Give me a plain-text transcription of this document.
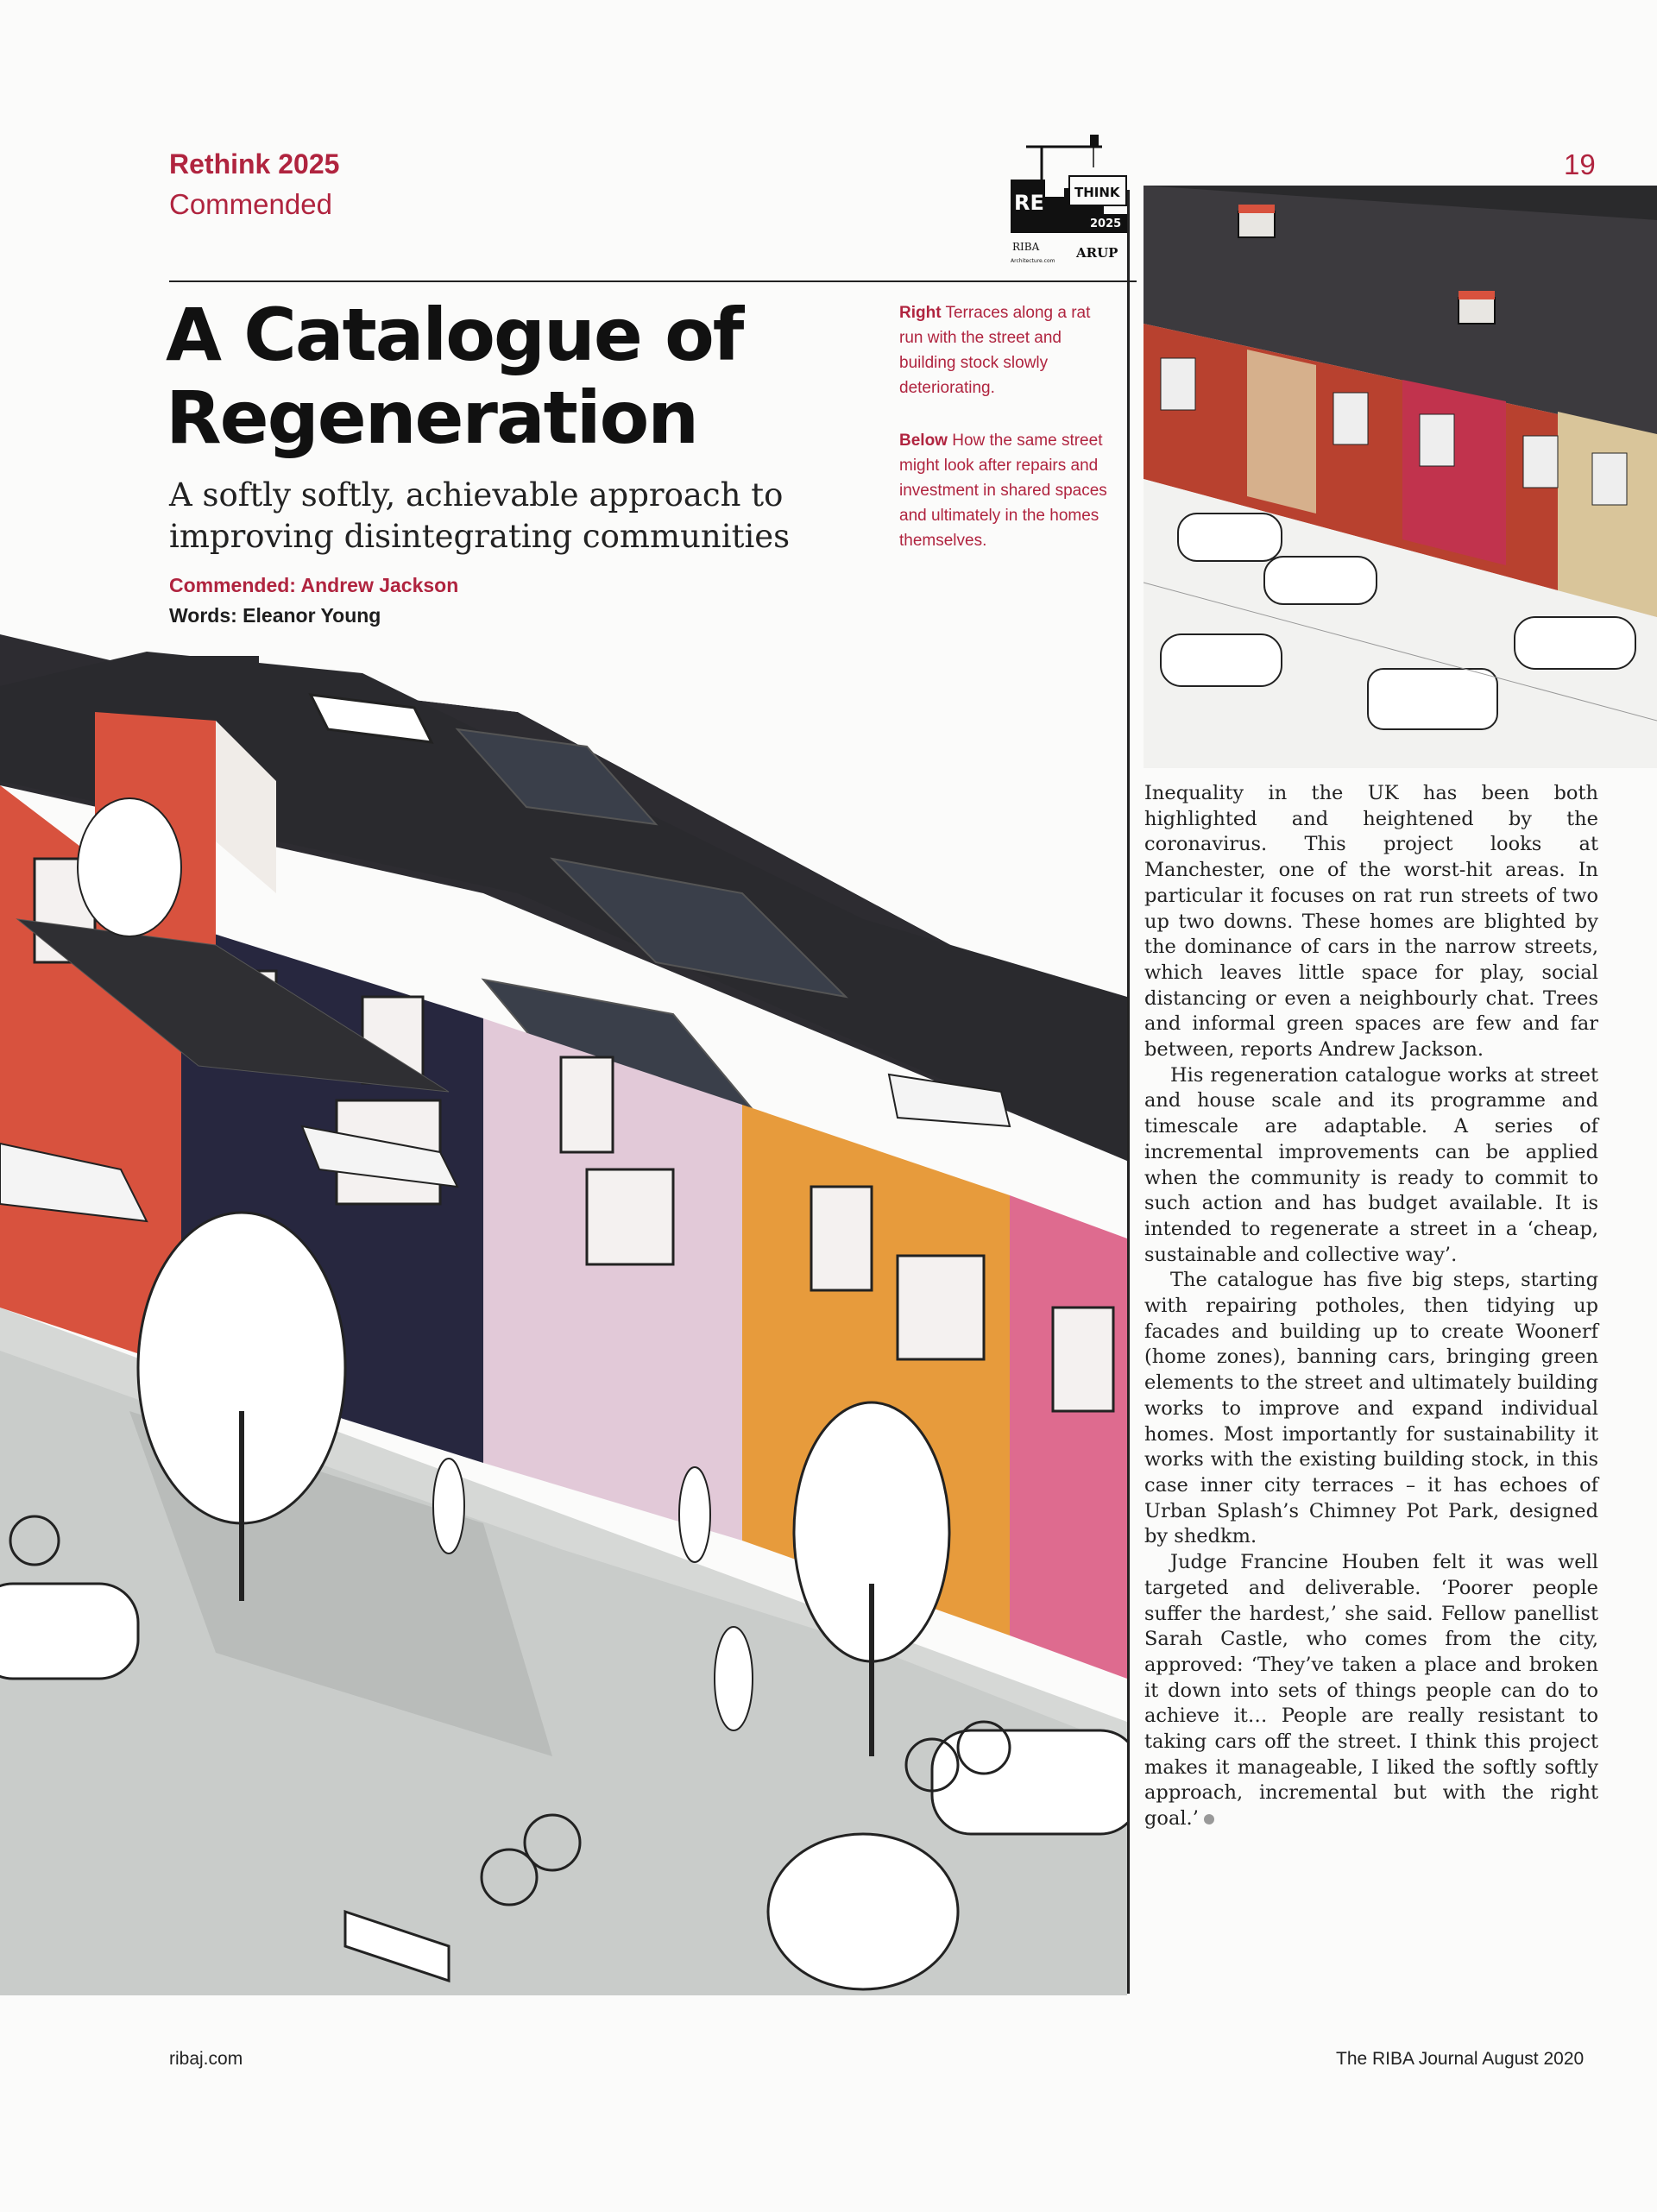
Rethink 2025
Commended
19
RE THINK
2025
RIBA
Architecture.com
ARUP
A Catalogue of
Regeneration
A softly softly, achievable approach to improving disintegrating communities
Commended: Andrew Jackson
Words: Eleanor Young
Right Terraces along a rat run with the street and building stock slowly deteriorating.
Below How the same street might look after repairs and investment in shared spaces and ultimately in the homes themselves.

Inequality in the UK has been both highlighted and heightened by the coronavirus. This project looks at Manchester, one of the worst-hit areas. In particular it focuses on rat run streets of two up two downs. These homes are blighted by the dominance of cars in the narrow streets, which leaves little space for play, social distancing or even a neighbourly chat. Trees and informal green spaces are few and far between, reports Andrew Jackson.

His regeneration catalogue works at street and house scale and its programme and timescale are adaptable. A series of incremental improvements can be applied when the community is ready to commit to such action and has budget available. It is intended to regenerate a street in a ‘cheap, sustainable and collective way’.

The catalogue has five big steps, starting with repairing potholes, then tidying up facades and building up to create Woonerf (home zones), banning cars, bringing green elements to the street and ultimately building works to improve and expand individual homes. Most importantly for sustainability it works with the existing building stock, in this case inner city terraces – it has echoes of Urban Splash’s Chimney Pot Park, designed by shedkm.

Judge Francine Houben felt it was well targeted and deliverable. ‘Poorer people suffer the hardest,’ she said. Fellow panellist Sarah Castle, who comes from the city, approved: ‘They’ve taken a place and broken it down into sets of things people can do to achieve it… People are really resistant to taking cars off the street. I think this project makes it manageable, I liked the softly softly approach, incremental but with the right goal.’

ribaj.com	The RIBA Journal August 2020
